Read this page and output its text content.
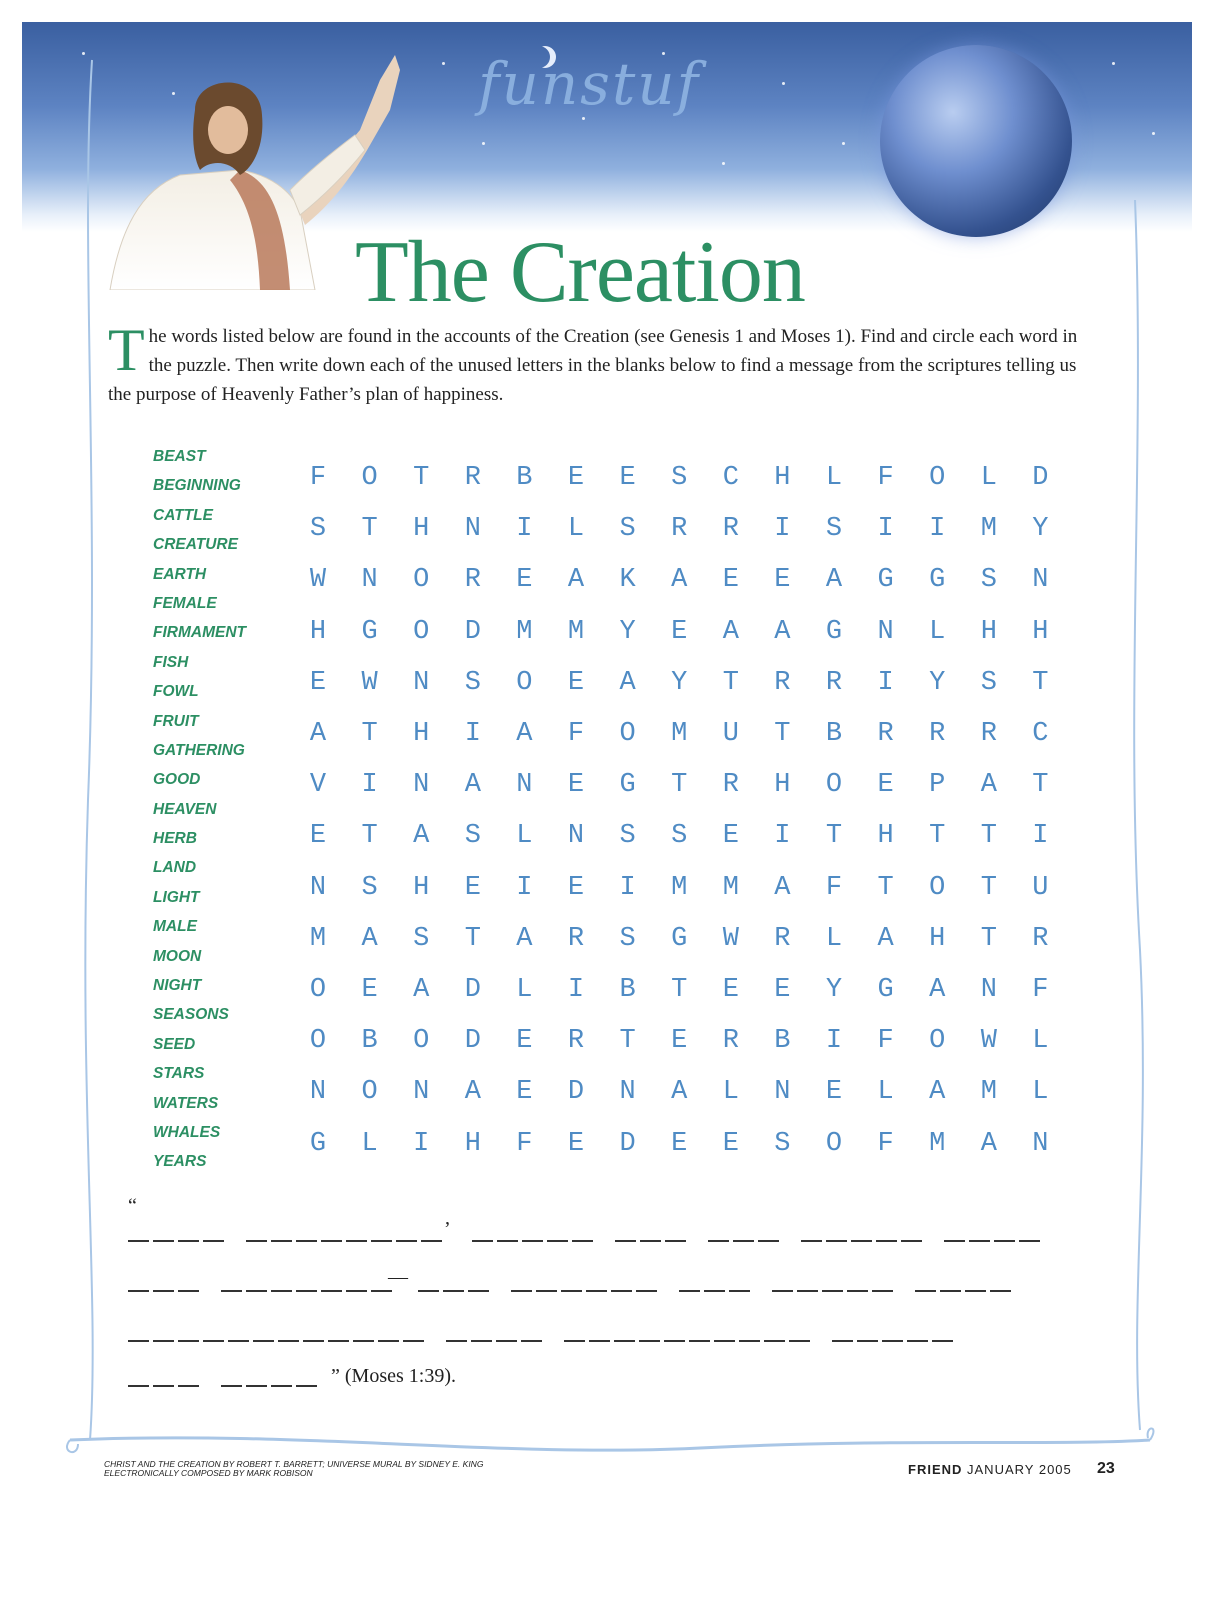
funstuf
The Creation
The words listed below are found in the accounts of the Creation (see Genesis 1 and Moses 1). Find and circle each word in the puzzle. Then write down each of the unused letters in the blanks below to find a message from the scriptures telling us the purpose of Heavenly Father’s plan of happiness.
BEAST
BEGINNING
CATTLE
CREATURE
EARTH
FEMALE
FIRMAMENT
FISH
FOWL
FRUIT
GATHERING
GOOD
HEAVEN
HERB
LAND
LIGHT
MALE
MOON
NIGHT
SEASONS
SEED
STARS
WATERS
WHALES
YEARS
F	O	T	R	B	E	E	S	C	H	L	F	O	L	D
S	T	H	N	I	L	S	R	R	I	S	I	I	M	Y
W	N	O	R	E	A	K	A	E	E	A	G	G	S	N
H	G	O	D	M	M	Y	E	A	A	G	N	L	H	H
E	W	N	S	O	E	A	Y	T	R	R	I	Y	S	T
A	T	H	I	A	F	O	M	U	T	B	R	R	R	C
V	I	N	A	N	E	G	T	R	H	O	E	P	A	T
E	T	A	S	L	N	S	S	E	I	T	H	T	T	I
N	S	H	E	I	E	I	M	M	A	F	T	O	T	U
M	A	S	T	A	R	S	G	W	R	L	A	H	T	R
O	E	A	D	L	I	B	T	E	E	Y	G	A	N	F
O	B	O	D	E	R	T	E	R	B	I	F	O	W	L
N	O	N	A	E	D	N	A	L	N	E	L	A	M	L
G	L	I	H	F	E	D	E	E	S	O	F	M	A	N
’
“
—
” (Moses 1:39).
CHRIST AND THE CREATION BY ROBERT T. BARRETT; UNIVERSE MURAL BY SIDNEY E. KING
ELECTRONICALLY COMPOSED BY MARK ROBISON	FRIEND JANUARY 2005 23
